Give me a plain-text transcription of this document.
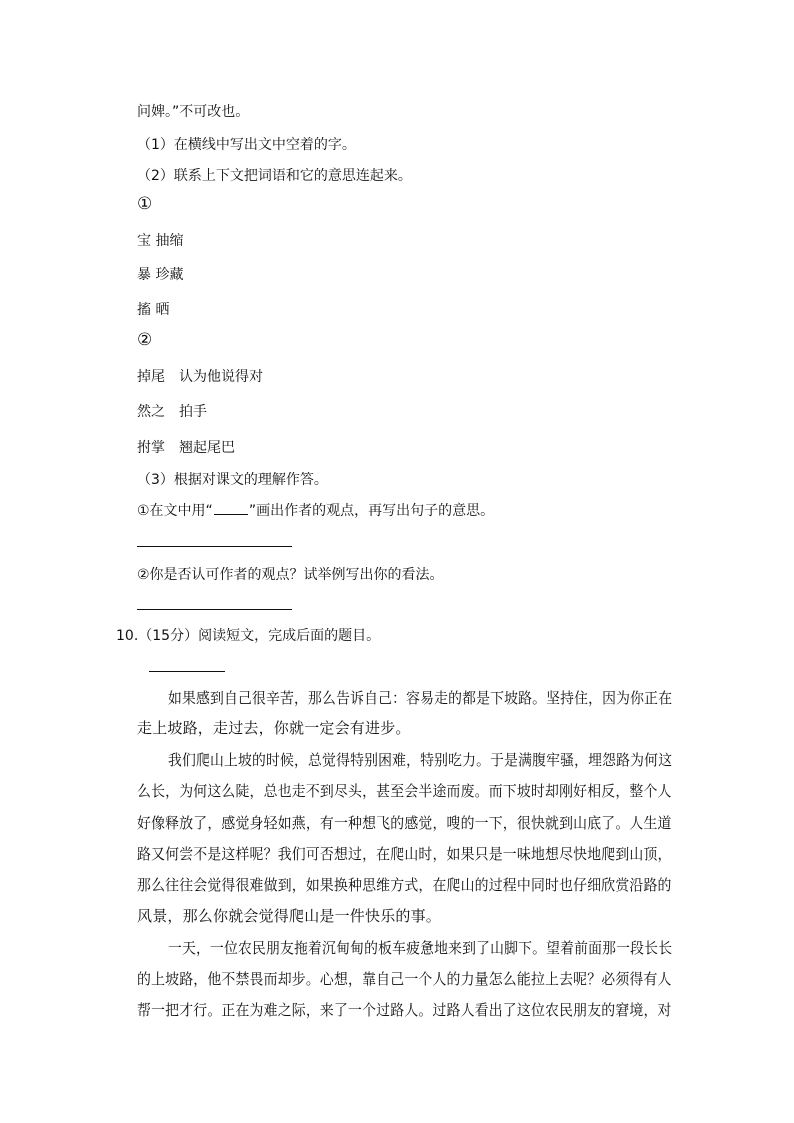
问婢。”不可改也。
（1）在横线中写出文中空着的字。
（2）联系上下文把词语和它的意思连起来。
①
宝 抽缩
暴 珍藏
搐 晒
②
掉尾　认为他说得对
然之　拍手
拊掌　翘起尾巴
（3）根据对课文的理解作答。
①在文中用“	”画出作者的观点，再写出句子的意思。
②你是否认可作者的观点？试举例写出你的看法。
10.（15分）阅读短文，完成后面的题目。
如果感到自己很辛苦，那么告诉自己：容易走的都是下坡路。坚持住，因为你正在
走上坡路，走过去，你就一定会有进步。
我们爬山上坡的时候，总觉得特别困难，特别吃力。于是满腹牢骚，埋怨路为何这
么长，为何这么陡，总也走不到尽头，甚至会半途而废。而下坡时却刚好相反，整个人
好像释放了，感觉身轻如燕，有一种想飞的感觉，嗖的一下，很快就到山底了。人生道
路又何尝不是这样呢？我们可否想过，在爬山时，如果只是一味地想尽快地爬到山顶，
那么往往会觉得很难做到，如果换种思维方式，在爬山的过程中同时也仔细欣赏沿路的
风景，那么你就会觉得爬山是一件快乐的事。
一天，一位农民朋友拖着沉甸甸的板车疲惫地来到了山脚下。望着前面那一段长长
的上坡路，他不禁畏而却步。心想，靠自己一个人的力量怎么能拉上去呢？必须得有人
帮一把才行。正在为难之际，来了一个过路人。过路人看出了这位农民朋友的窘境，对
